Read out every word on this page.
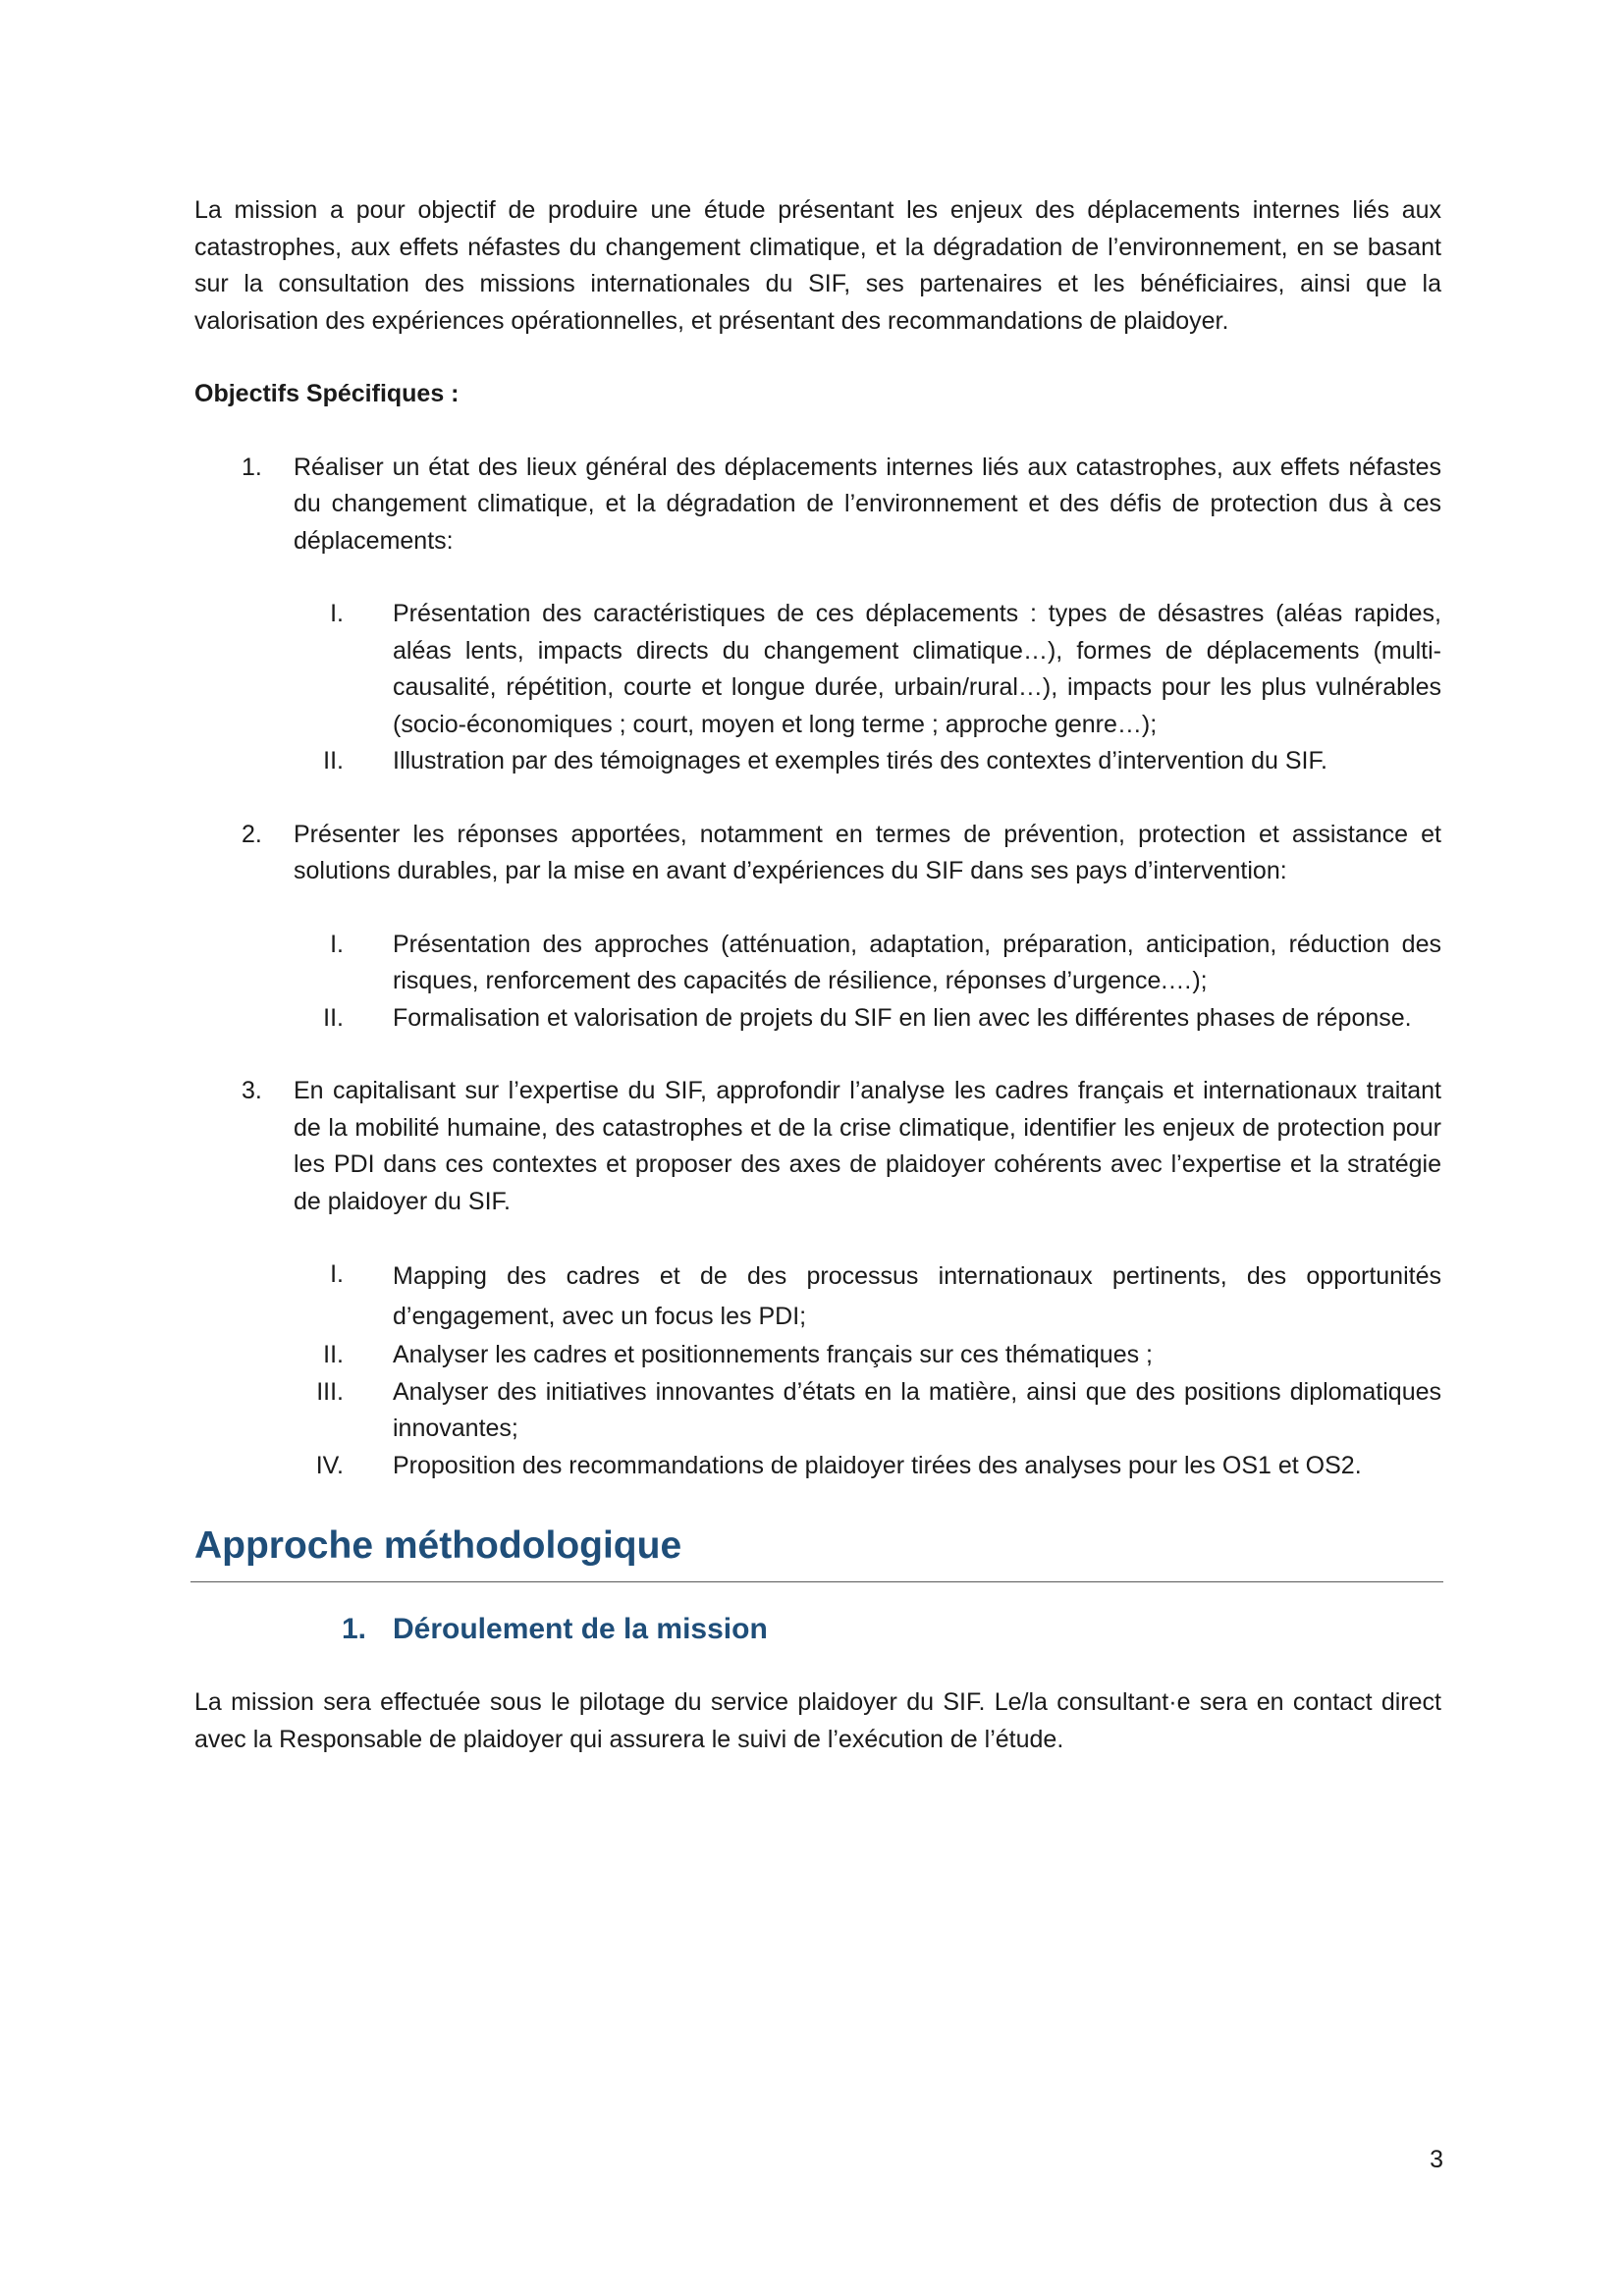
La mission a pour objectif de produire une étude présentant les enjeux des déplacements internes liés aux catastrophes, aux effets néfastes du changement climatique, et la dégradation de l’environnement, en se basant sur la consultation des missions internationales du SIF, ses partenaires et les bénéficiaires, ainsi que la valorisation des expériences opérationnelles, et présentant des recommandations de plaidoyer.

Objectifs Spécifiques :

1. Réaliser un état des lieux général des déplacements internes liés aux catastrophes, aux effets néfastes du changement climatique, et la dégradation de l’environnement et des défis de protection dus à ces déplacements:
I. Présentation des caractéristiques de ces déplacements : types de désastres (aléas rapides, aléas lents, impacts directs du changement climatique…), formes de déplacements (multi-causalité, répétition, courte et longue durée, urbain/rural…), impacts pour les plus vulnérables (socio-économiques ; court, moyen et long terme ; approche genre…);
II. Illustration par des témoignages et exemples tirés des contextes d’intervention du SIF.
2. Présenter les réponses apportées, notamment en termes de prévention, protection et assistance et solutions durables, par la mise en avant d’expériences du SIF dans ses pays d’intervention:
I. Présentation des approches (atténuation, adaptation, préparation, anticipation, réduction des risques, renforcement des capacités de résilience, réponses d’urgence.…);
II. Formalisation et valorisation de projets du SIF en lien avec les différentes phases de réponse.
3. En capitalisant sur l’expertise du SIF, approfondir l’analyse les cadres français et internationaux traitant de la mobilité humaine, des catastrophes et de la crise climatique, identifier les enjeux de protection pour les PDI dans ces contextes et proposer des axes de plaidoyer cohérents avec l’expertise et la stratégie de plaidoyer du SIF.
I. Mapping des cadres et de des processus internationaux pertinents, des opportunités d’engagement, avec un focus les PDI;
II. Analyser les cadres et positionnements français sur ces thématiques ;
III. Analyser des initiatives innovantes d’états en la matière, ainsi que des positions diplomatiques innovantes;
IV. Proposition des recommandations de plaidoyer tirées des analyses pour les OS1 et OS2.
Approche méthodologique
1. Déroulement de la mission

La mission sera effectuée sous le pilotage du service plaidoyer du SIF. Le/la consultant·e sera en contact direct avec la Responsable de plaidoyer qui assurera le suivi de l’exécution de l’étude.

3
